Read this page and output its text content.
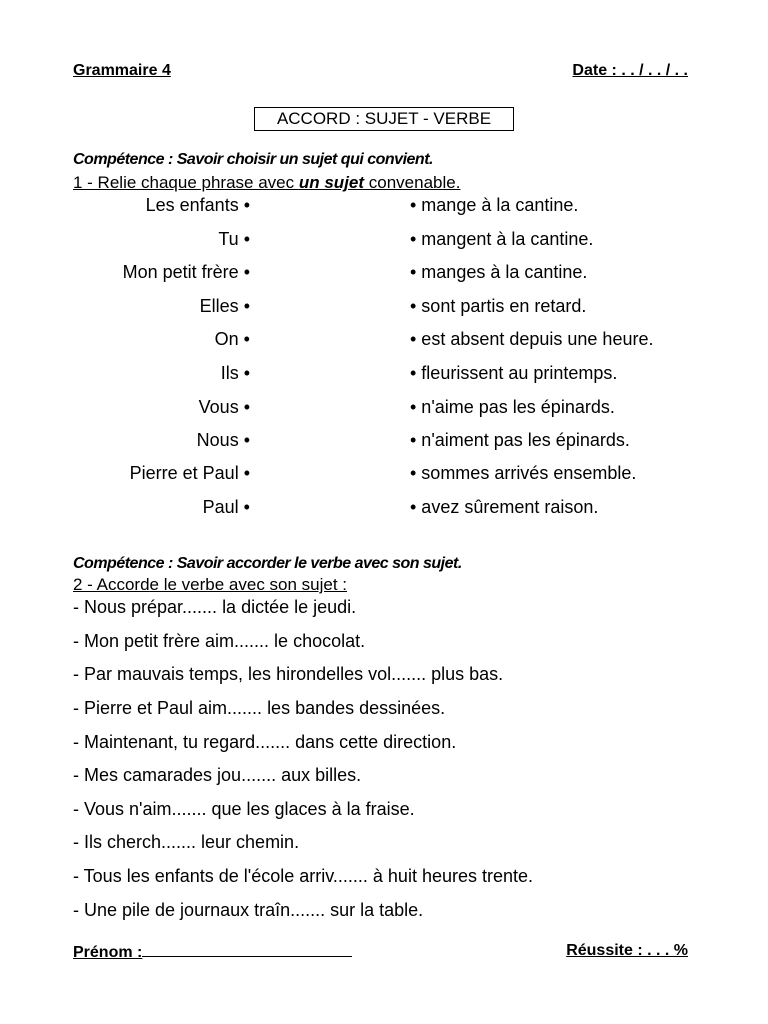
Grammaire 4	Date : . . / . . / . .
ACCORD : SUJET - VERBE
Compétence : Savoir choisir un sujet qui convient.
1 - Relie chaque phrase avec un sujet convenable.
Les enfants •	• mange à la cantine.
Tu •	• mangent à la cantine.
Mon petit frère •	• manges à la cantine.
Elles •	• sont partis en retard.
On •	• est absent depuis une heure.
Ils •	• fleurissent au printemps.
Vous •	• n'aime pas les épinards.
Nous •	• n'aiment pas les épinards.
Pierre et Paul •	• sommes arrivés ensemble.
Paul •	• avez sûrement raison.
Compétence : Savoir accorder le verbe avec son sujet.
2 - Accorde le verbe avec son sujet :
- Nous prépar....... la dictée le jeudi.
- Mon petit frère aim....... le chocolat.
- Par mauvais temps, les hirondelles vol....... plus bas.
- Pierre et Paul aim....... les bandes dessinées.
- Maintenant, tu regard....... dans cette direction.
- Mes camarades jou....... aux billes.
- Vous n'aim....... que les glaces à la fraise.
- Ils cherch....... leur chemin.
- Tous les enfants de l'école arriv....... à huit heures trente.
- Une pile de journaux traîn....... sur la table.
Prénom :	Réussite : . . . %
